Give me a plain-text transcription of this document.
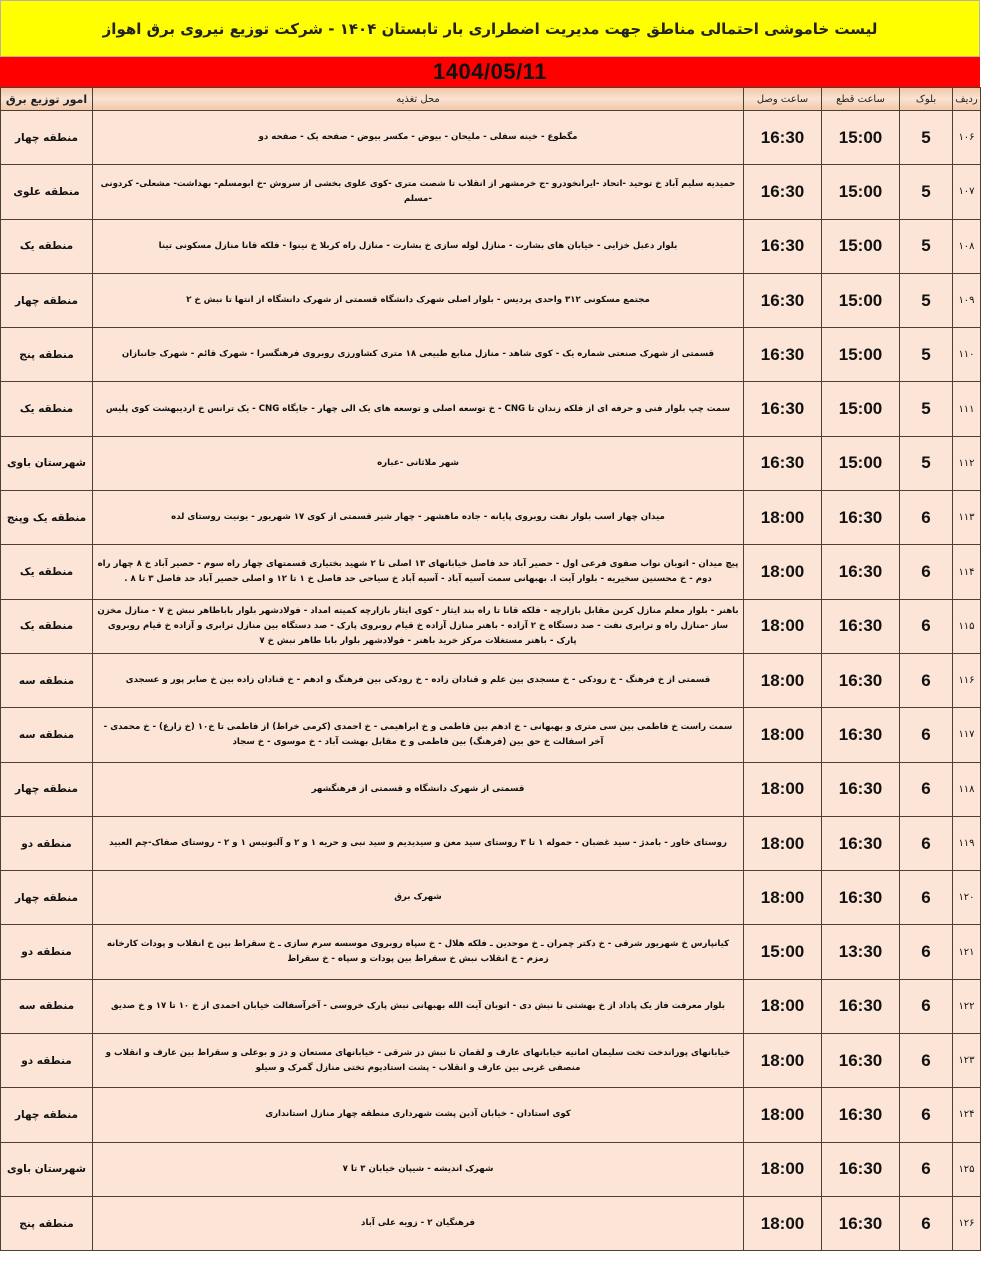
لیست خاموشی احتمالی مناطق جهت مدیریت اضطراری بار تابستان ۱۴۰۴ - شرکت توزیع نیروی برق اهواز
1404/05/11
ردیف	بلوک	ساعت قطع	ساعت وصل	محل تغذیه	امور توزیع برق
۱۰۶	5	15:00	16:30	مگطوع - خینه سفلی - ملیحان - بیوض - مکسر بیوض - صفحه یک - صفحه دو	منطقه چهار
۱۰۷	5	15:00	16:30	حمیدیه سلیم آباد خ توحید -اتحاد -ایرانخودرو -ج خرمشهر از انقلاب تا شصت متری -کوی علوی بخشی از سروش -خ ابومسلم- بهداشت- مشعلی- کردونی -مسلم	منطقه علوی
۱۰۸	5	15:00	16:30	بلوار دعبل خزایی - خیابان های بشارت - منازل لوله سازی خ بشارت - منازل راه کربلا خ نینوا - فلکه قانا منازل مسکونی تینا	منطقه یک
۱۰۹	5	15:00	16:30	مجتمع مسکونی ۳۱۲ واحدی پردیس - بلوار اصلی شهرک دانشگاه قسمتی از شهرک دانشگاه از انتها تا نبش خ ۲	منطقه چهار
۱۱۰	5	15:00	16:30	قسمتی از شهرک صنعتی شماره یک - کوی شاهد - منازل منابع طبیعی ۱۸ متری کشاورزی روبروی فرهنگسرا - شهرک قائم - شهرک جانبازان	منطقه پنج
۱۱۱	5	15:00	16:30	سمت چپ بلوار فنی و حرفه ای از فلکه زندان تا CNG - خ توسعه اصلی و توسعه های یک الی چهار - جایگاه CNG - یک ترانس خ اردیبهشت کوی پلیس	منطقه یک
۱۱۲	5	15:00	16:30	شهر ملاثانی -عباره	شهرستان باوی
۱۱۳	6	16:30	18:00	میدان چهار اسب بلوار نفت روبروی پایانه - جاده ماهشهر - چهار شیر قسمتی از کوی ۱۷ شهریور - یونیت روستای لده	منطقه یک وپنج
۱۱۴	6	16:30	18:00	پیچ میدان - اتوبان نواب صفوی فرعی اول - حصیر آباد حد فاصل خیابانهای ۱۳ اصلی تا ۲ شهید بختیاری قسمتهای چهار راه سوم - حصیر آباد خ ۸ چهار راه دوم - خ محسنین سخیریه - بلوار آیت ا. بهبهانی سمت آسیه آباد - آسیه آباد خ سیاحی حد فاصل خ ۱ تا ۱۲ و اصلی حصیر آباد حد فاصل ۳ تا ۸ .	منطقه یک
۱۱۵	6	16:30	18:00	باهنر - بلوار معلم منازل کربن مقابل بازارچه - فلکه قانا تا راه بند ایثار - کوی ایثار بازارچه کمیته امداد - فولادشهر بلوار باباطاهر نبش خ ۷ - منازل مخزن ساز -منازل راه و ترابری نفت - صد دستگاه خ ۲ آزاده - باهنر منازل آزاده خ قیام روبروی پارک - صد دستگاه بین منازل ترابری و آزاده خ قیام روبروی پارک - باهنر مستغلات مرکز خرید باهنر - فولادشهر بلوار بابا طاهر نبش خ ۷	منطقه یک
۱۱۶	6	16:30	18:00	قسمتی از خ فرهنگ - خ رودکی - خ مسجدی بین علم و قنادان زاده - خ رودکی بین فرهنگ و ادهم - خ قنادان زاده بین خ صابر پور و عسجدی	منطقه سه
۱۱۷	6	16:30	18:00	سمت راست خ فاطمی بین سی متری و بهبهانی - خ ادهم بین فاطمی و خ ابراهیمی - خ احمدی (کرمی خراط) از فاطمی تا خ۱۰ (خ زارع) - خ محمدی - آخر اسفالت خ حق بین (فرهنگ) بین فاطمی و خ مقابل بهشت آباد - خ موسوی - خ سجاد	منطقه سه
۱۱۸	6	16:30	18:00	قسمتی از شهرک دانشگاه و قسمتی از فرهنگشهر	منطقه چهار
۱۱۹	6	16:30	18:00	روستای خاور - بامدژ - سید غضبان - حموله ۱ تا ۳ روستای سید معن و سیدیدیم و سید نبی و حریه ۱ و ۲ و آلبونیس ۱ و ۲ - روستای صفاک-چم العبید	منطقه دو
۱۲۰	6	16:30	18:00	شهرک برق	منطقه چهار
۱۲۱	6	13:30	15:00	کیانپارس خ شهریور شرقی - خ دکتر چمران ـ خ موحدین ـ فلکه هلال - خ سپاه روبروی موسسه سرم سازی ـ خ سقراط بین خ انقلاب و پودات کارخانه زمزم - خ انقلاب نبش خ سقراط بین پودات و سپاه - خ سقراط	منطقه دو
۱۲۲	6	16:30	18:00	بلوار معرفت فاز یک پاداد از خ بهشتی تا نبش دی - اتوبان آیت الله بهبهانی نبش پارک خروسی - آخرآسفالت خیابان احمدی از خ ۱۰ تا ۱۷ و خ صدیق	منطقه سه
۱۲۳	6	16:30	18:00	خیابانهای پوراندخت تخت سلیمان امانیه خیابانهای عارف و لقمان تا نبش دز شرقی - خیابانهای مستعان و دز و بوعلی و سقراط بین عارف و انقلاب و منصفی غربی بین عارف و انقلاب - پشت استادیوم تختی منازل گمرک و سیلو	منطقه دو
۱۲۴	6	16:30	18:00	کوی استادان - خیابان آذین پشت شهرداری منطقه چهار منازل استانداری	منطقه چهار
۱۲۵	6	16:30	18:00	شهرک اندیشه - شیپان خیابان ۳ تا ۷	شهرستان باوی
۱۲۶	6	16:30	18:00	فرهنگیان ۲ - زویه علی آباد	منطقه پنج
